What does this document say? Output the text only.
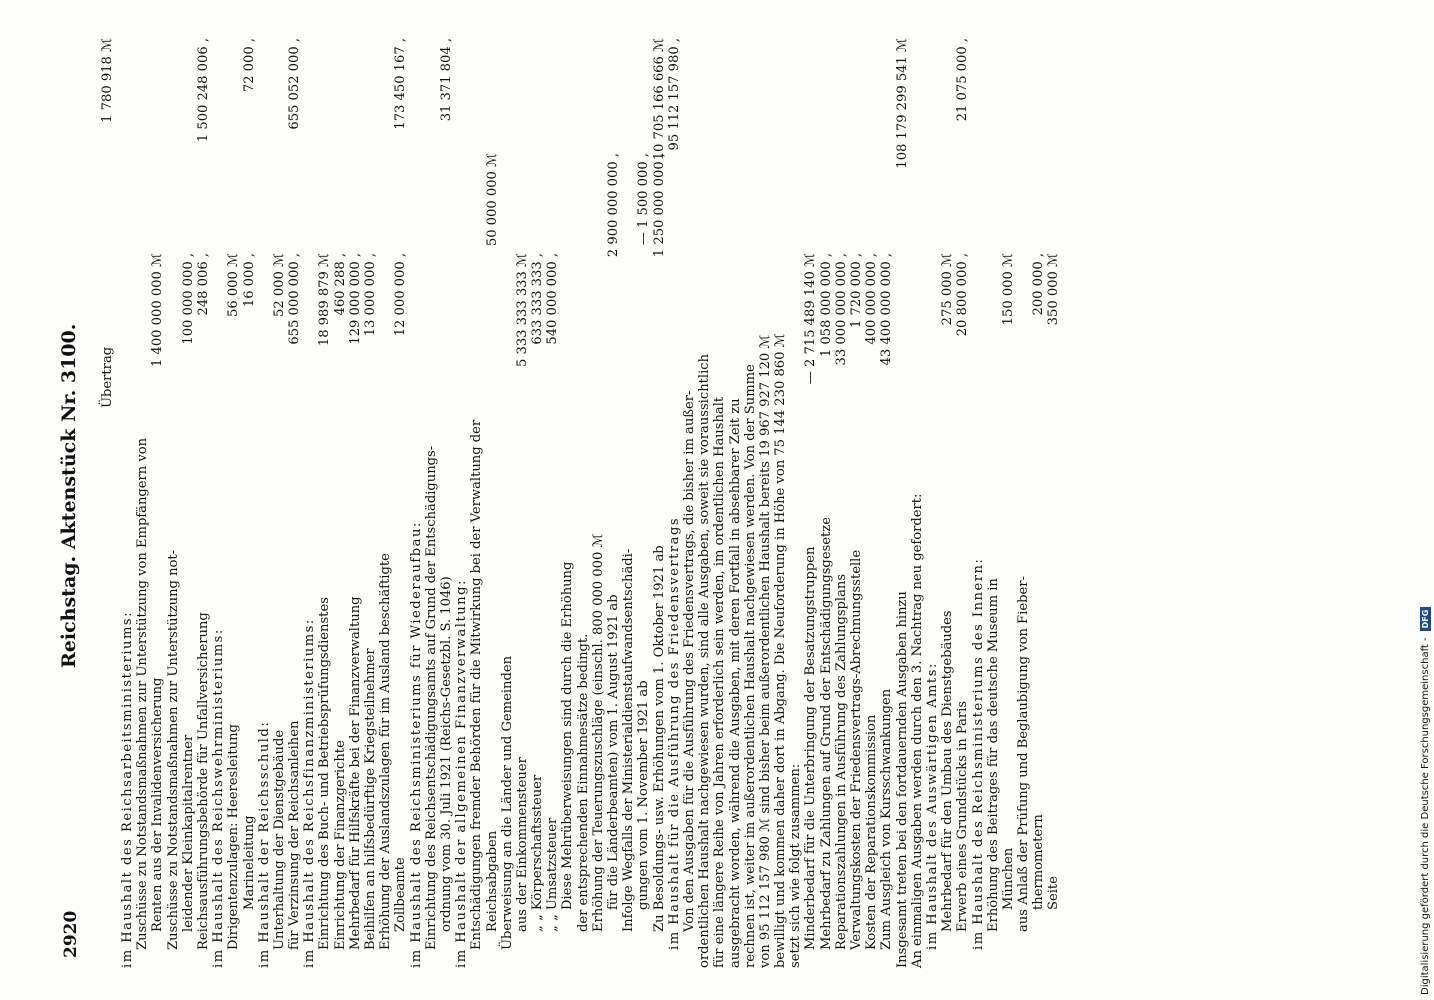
2920
Reichstag. Aktenstück Nr. 3100. Übertrag
1 780 918 ℳ
im Haushalt des Reichsarbeitsministeriums: Zuschüsse zu Notstandsmaßnahmen zur Unterstützung von Empfängern von Renten aus der Invalidenversicherung
1 400 000 000 ℳ
Zuschüsse zu Notstandsmaßnahmen zur Unterstützung not- leidender Kleinkapitalrentner
100 000 000 ,
Reichsausführungsbehörde für Unfallversicherung
248 006 ,
1 500 248 006 ,
im Haushalt des Reichswehrministeriums: Dirigentenzulagen: Heeresleitung
56 000 ℳ
Marineleitung
16 000 ,
72 000 ,
im Haushalt der Reichsschuld: Unterhaltung der Dienstgebäude
52 000 ℳ
für Verzinsung der Reichsanleihen
655 000 000 ,
655 052 000 ,
im Haushalt des Reichsfinanzministeriums: Einrichtung des Buch- und Betriebsprüfungsdienstes
18 989 879 ℳ
Einrichtung der Finanzgerichte
460 288 ,
Mehrbedarf für Hilfskräfte bei der Finanzverwaltung
129 000 000 ,
Beihilfen an hilfsbedürftige Kriegsteilnehmer
13 000 000 ,
Erhöhung der Auslandszulagen für im Ausland beschäftigte Zollbeamte
12 000 000 ,
173 450 167 ,
im Haushalt des Reichsministeriums für Wiederaufbau: Einrichtung des Reichsentschädigungsamts auf Grund der Entschädigungs- ordnung vom 30. Juli 1921 (Reichs-Gesetzbl. S. 1046)
31 371 804 ,
im Haushalt der allgemeinen Finanzverwaltung: Entschädigungen fremder Behörden für die Mitwirkung bei der Verwaltung der Reichsabgaben
50 000 000 ℳ
Überweisung an die Länder und Gemeinden aus der Einkommensteuer
5 333 333 333 ℳ
„ „ Körperschaftssteuer
633 333 333 ,
„ „ Umsatzsteuer
540 000 000 ,
Diese Mehrüberweisungen sind durch die Erhöhung der entsprechenden Einnahmesätze bedingt. Erhöhung der Teuerungszuschläge (einschl. 800 000 000 ℳ für die Länderbeamten) vom 1. August 1921 ab
2 900 000 000 ,
Infolge Wegfalls der Ministerialdienstaufwandsentschädi- gungen vom 1. November 1921 ab
— 1 500 000 ,
Zu Besoldungs- usw. Erhöhungen vom 1. Oktober 1921 ab
1 250 000 000 ,
10 705 166 666 ℳ
im Haushalt für die Ausführung des Friedensvertrags
95 112 157 980 ,
Von den Ausgaben für die Ausführung des Friedensvertrags, die bisher im außer- ordentlichen Haushalt nachgewiesen wurden, sind alle Ausgaben, soweit sie voraussichtlich für eine längere Reihe von Jahren erforderlich sein werden, im ordentlichen Haushalt ausgebracht worden, während die Ausgaben, mit deren Fortfall in absehbarer Zeit zu rechnen ist, weiter im außerordentlichen Haushalt nachgewiesen werden. Von der Summe von 95 112 157 980 ℳ sind bisher beim außerordentlichen Haushalt bereits 19 967 927 120 ℳ bewilligt und kommen daher dort in Abgang. Die Neuforderung in Höhe von 75 144 230 860 ℳ setzt sich wie folgt zusammen: Minderbedarf für die Unterbringung der Besatzungstruppen
— 2 715 489 140 ℳ
Mehrbedarf zu Zahlungen auf Grund der Entschädigungsgesetze
1 058 000 000 ,
Reparationszahlungen in Ausführung des Zahlungsplans
33 000 000 000 ,
Verwaltungskosten der Friedensvertrags-Abrechnungsstelle
1 720 000 ,
Kosten der Reparationskommission
400 000 000 ,
Zum Ausgleich von Kursschwankungen
43 400 000 000 ,
Insgesamt treten bei den fortdauernden Ausgaben hinzu
108 179 299 541 ℳ
An einmaligen Ausgaben werden durch den 3. Nachtrag neu gefordert: im Haushalt des Auswärtigen Amts: Mehrbedarf für den Umbau des Dienstgebäudes
275 000 ℳ
Erwerb eines Grundstücks in Paris
20 800 000 ,
21 075 000 ,
im Haushalt des Reichsministeriums des Innern: Erhöhung des Beitrages für das deutsche Museum in München
150 000 ℳ
aus Anlaß der Prüfung und Beglaubigung von Fieber- thermometern
200 000 ,
Seite
350 000 ℳ
Digitalisierung gefördert durch die Deutsche Forschungsgemeinschaft -DFG
